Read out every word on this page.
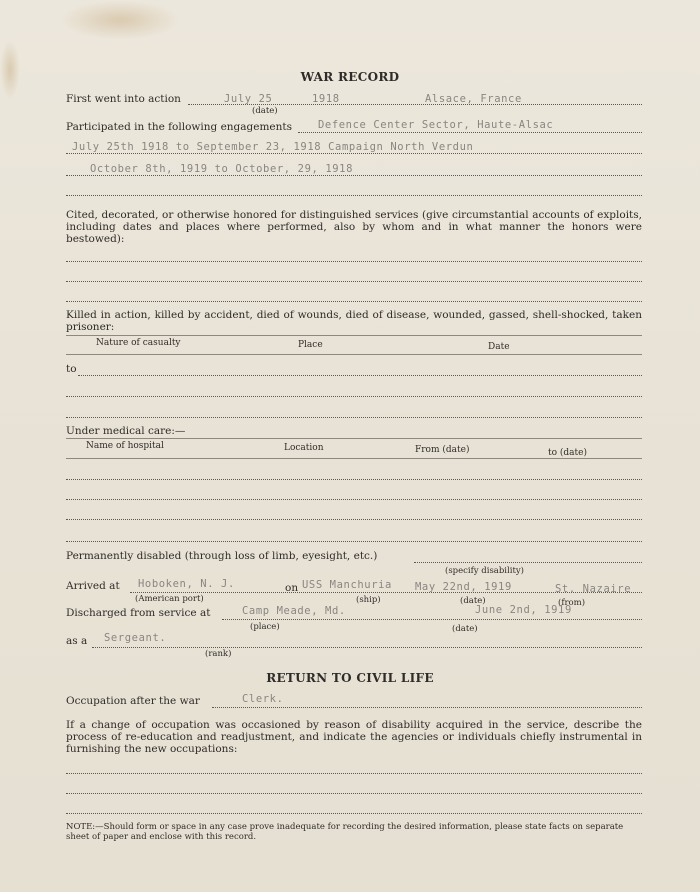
WAR RECORD
First went into action	July 25	1918	Alsace, France
(date)
Participated in the following engagements Defence Center Sector, Haute-Alsac
July 25th 1918 to September 23, 1918 Campaign North Verdun
October 8th, 1919 to October, 29, 1918
Cited, decorated, or otherwise honored for distinguished services (give circumstantial accounts of exploits, including dates and places where performed, also by whom and in what manner the honors were bestowed):
Killed in action, killed by accident, died of wounds, died of disease, wounded, gassed, shell-shocked, taken prisoner:
Nature of casualty	Place	Date
to
Under medical care:—
Name of hospital	Location	From (date)	to (date)
Permanently disabled (through loss of limb, eyesight, etc.)
(specify disability)
Arrived at Hoboken, N. J.	on USS Manchuria May 22nd, 1919	St. Nazaire
(American port)	(ship)	(date)	(from)
Discharged from service at	Camp Meade, Md.	June 2nd, 1919
(place)	(date)
as a Sergeant.
(rank)
RETURN TO CIVIL LIFE
Occupation after the war	Clerk.
If a change of occupation was occasioned by reason of disability acquired in the service, describe the process of re-education and readjustment, and indicate the agencies or individuals chiefly instrumental in furnishing the new occupations:
NOTE:—Should form or space in any case prove inadequate for recording the desired information, please state facts on separate sheet of paper and enclose with this record.
